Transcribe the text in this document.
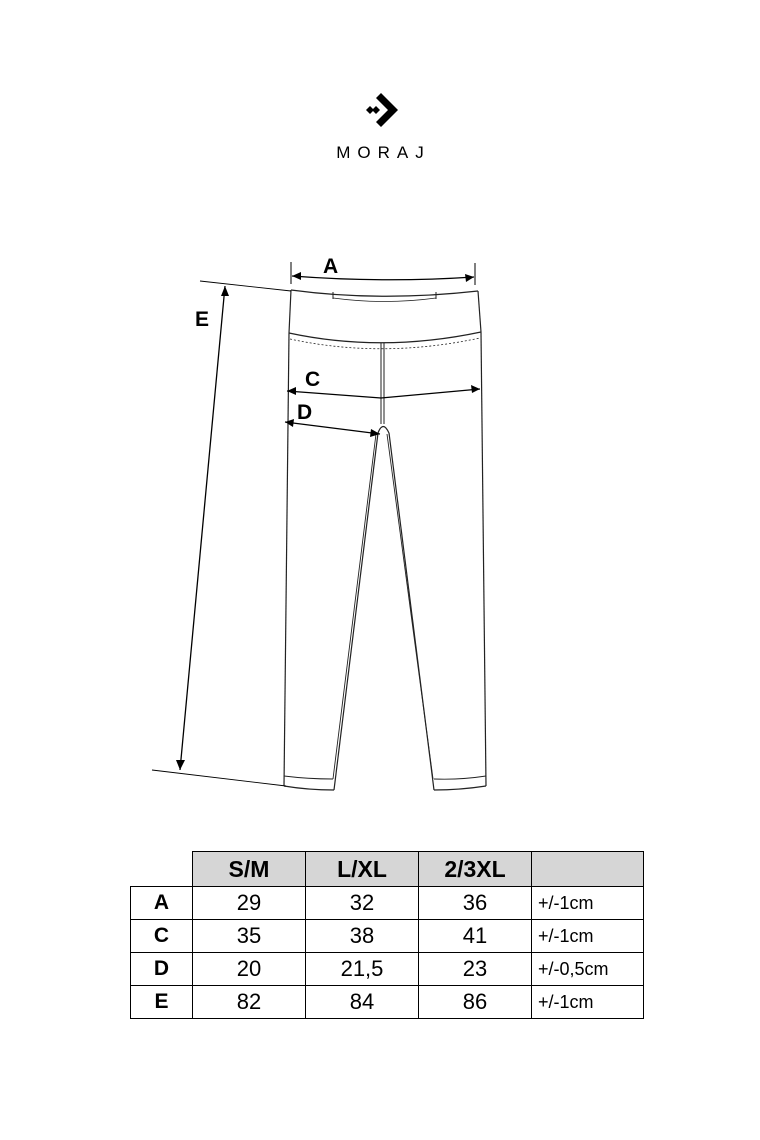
MORAJ
A
E
C
D
	S/M	L/XL	2/3XL	
A	29	32	36	+/-1cm
C	35	38	41	+/-1cm
D	20	21,5	23	+/-0,5cm
E	82	84	86	+/-1cm
